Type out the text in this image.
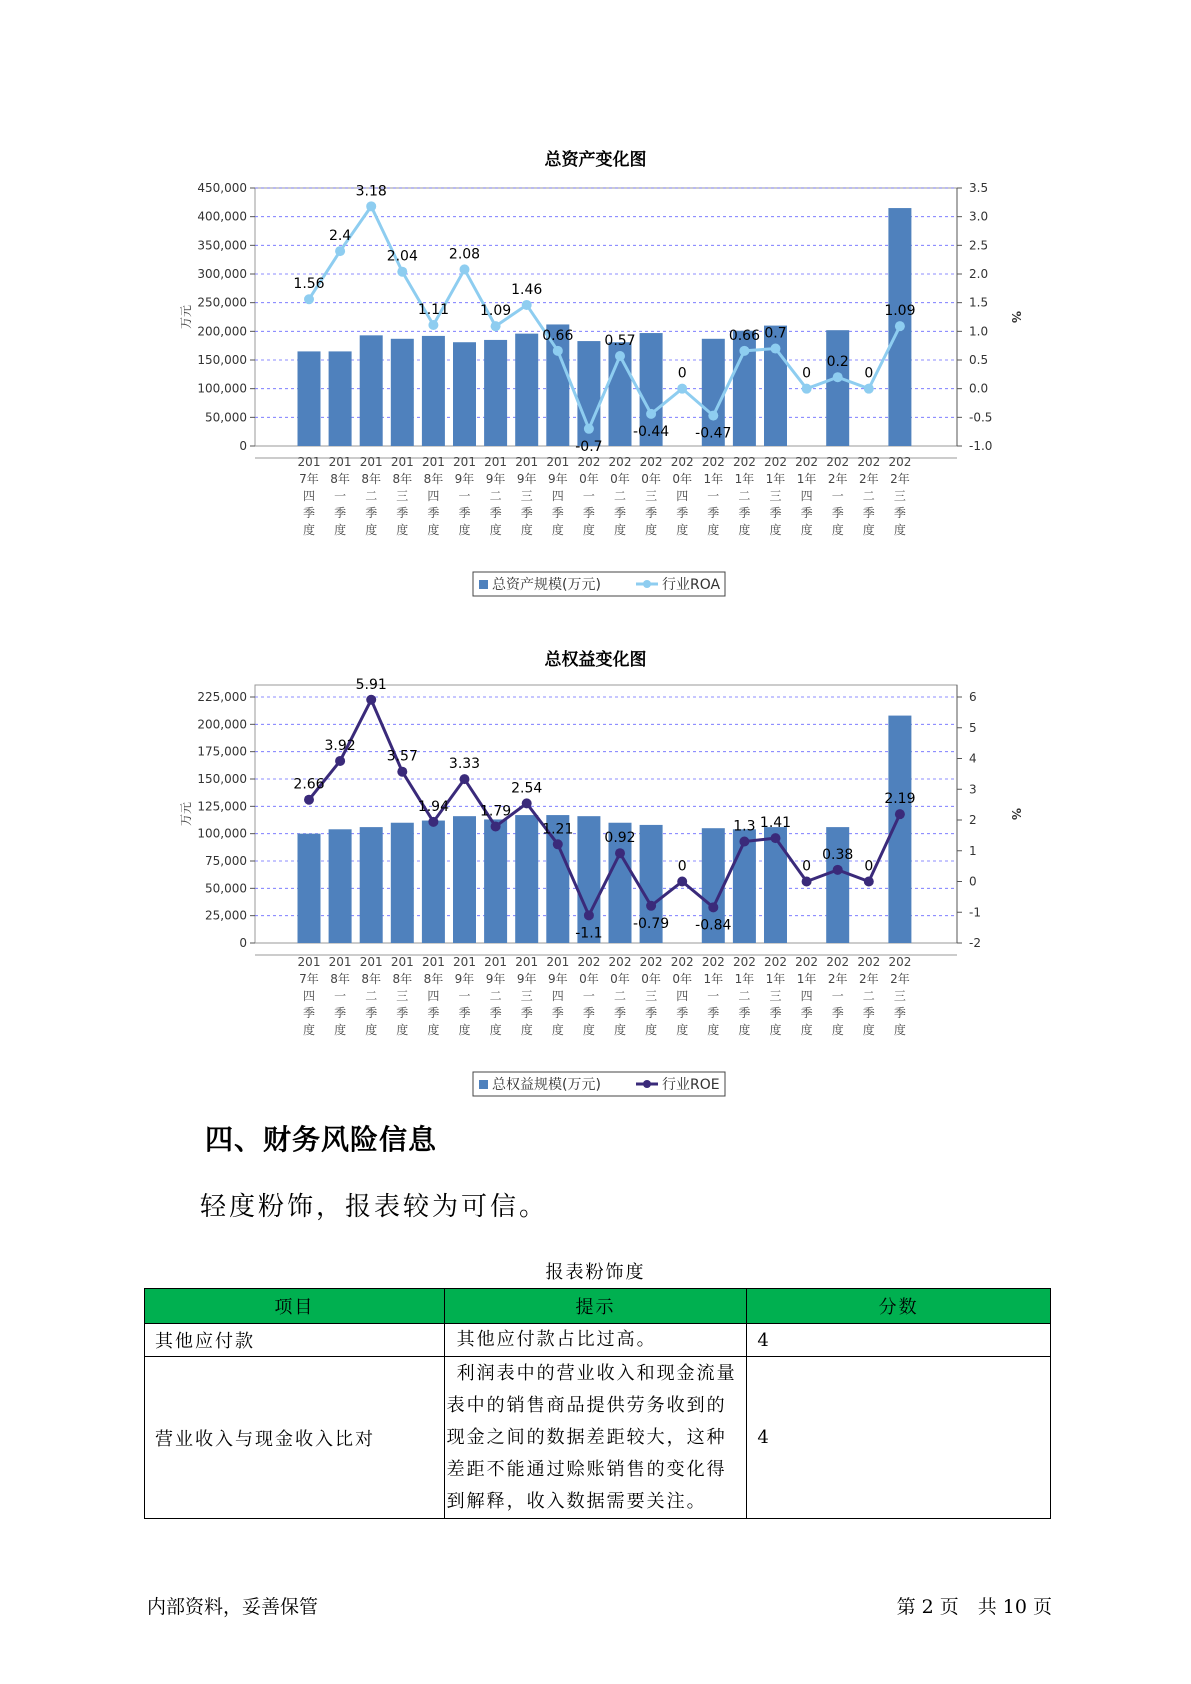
总资产变化图
0
50,000
100,000
150,000
200,000
250,000
300,000
350,000
400,000
450,000
-1.0
-0.5
0.0
0.5
1.0
1.5
2.0
2.5
3.0
3.5
万元	%
1.56
2.4
3.18
2.04
1.11
2.08
1.09
1.46
0.66
-0.7
0.57
-0.44
0
-0.47
0.66 0.7
0
0.2
0
1.09
201 7年四季度
201 8年一季度
201 8年二季度
201 8年三季度
201 8年四季度
201 9年一季度
201 9年二季度
201 9年三季度
201 9年四季度
202 0年一季度
202 0年二季度
202 0年三季度
202 0年四季度
202 1年一季度
202 1年二季度
202 1年三季度
202 1年四季度
202 2年一季度
202 2年二季度
202 2年三季度
总资产规模(万元)	行业ROA
总权益变化图
0
25,000
50,000
75,000
100,000
125,000
150,000
175,000
200,000
225,000
-2
-1
0
1
2
3
4
5
6
万元	%
2.66
3.92
5.91
3.57
1.94
3.33
1.79
2.54
1.21
-1.1
0.92
-0.79
0
-0.84
1.3 1.41
0
0.38
0
2.19
201 7年四季度
201 8年一季度
201 8年二季度
201 8年三季度
201 8年四季度
201 9年一季度
201 9年二季度
201 9年三季度
201 9年四季度
202 0年一季度
202 0年二季度
202 0年三季度
202 0年四季度
202 1年一季度
202 1年二季度
202 1年三季度
202 1年四季度
202 2年一季度
202 2年二季度
202 2年三季度
总权益规模(万元)	行业ROE
四、财务风险信息
轻度粉饰，报表较为可信。
报表粉饰度
项目	提示	分数
其他应付款	其他应付款占比过高。	4
营业收入与现金收入比对	利润表中的营业收入和现金流量表中的销售商品提供劳务收到的现金之间的数据差距较大，这种差距不能通过赊账销售的变化得到解释，收入数据需要关注。	4
内部资料，妥善保管	第 2 页　共 10 页
